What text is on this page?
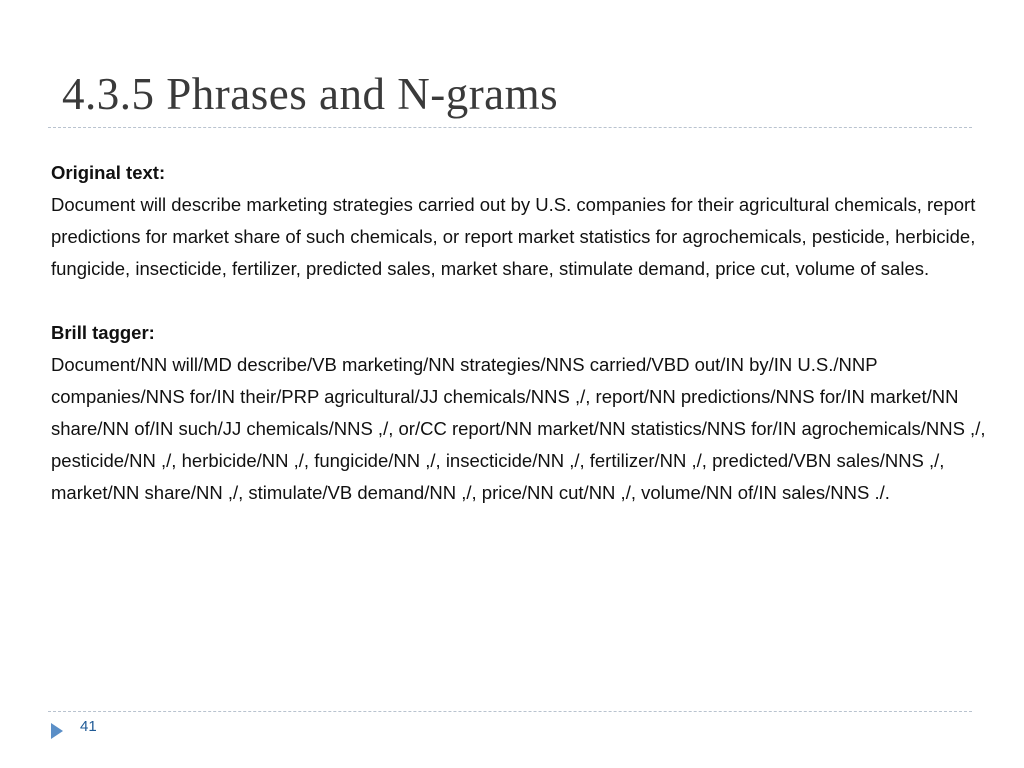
4.3.5 Phrases and N-grams

Original text:

Document will describe marketing strategies carried out by U.S. companies for their agricultural chemicals, report predictions for market share of such chemicals, or report market statistics for agrochemicals, pesticide, herbicide, fungicide, insecticide, fertilizer, predicted sales, market share, stimulate demand, price cut, volume of sales.

Brill tagger:

Document/NN will/MD describe/VB marketing/NN strategies/NNS carried/VBD out/IN by/IN U.S./NNP companies/NNS for/IN their/PRP agricultural/JJ chemicals/NNS ,/, report/NN predictions/NNS for/IN market/NN share/NN of/IN such/JJ chemicals/NNS ,/, or/CC report/NN market/NN statistics/NNS for/IN agrochemicals/NNS ,/, pesticide/NN ,/, herbicide/NN ,/, fungicide/NN ,/, insecticide/NN ,/, fertilizer/NN ,/, predicted/VBN sales/NNS ,/, market/NN share/NN ,/, stimulate/VB demand/NN ,/, price/NN cut/NN ,/, volume/NN of/IN sales/NNS ./.

41
